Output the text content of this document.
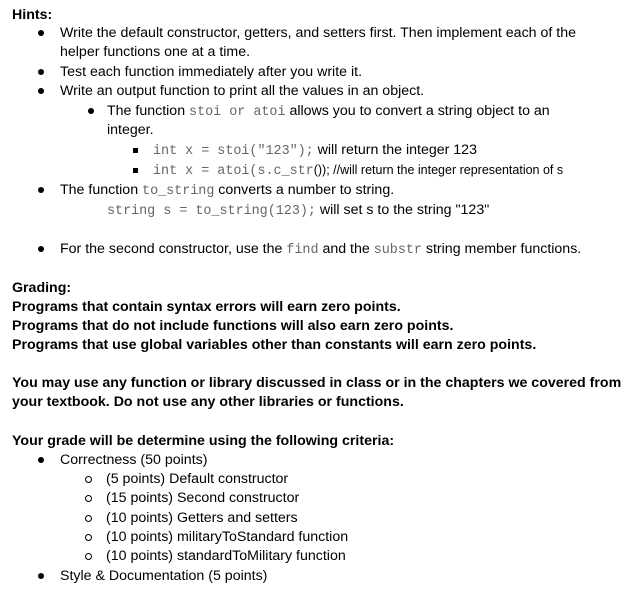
Hints:
Write the default constructor, getters, and setters first. Then implement each of the
helper functions one at a time.
Test each function immediately after you write it.
Write an output function to print all the values in an object.
The function stoi or atoi allows you to convert a string object to an
integer.
int x = stoi("123"); will return the integer 123
int x = atoi(s.c_str()); //will return the integer representation of s
The function to_string converts a number to string.
string s = to_string(123); will set s to the string "123"
For the second constructor, use the find and the substr string member functions.
Grading:
Programs that contain syntax errors will earn zero points.
Programs that do not include functions will also earn zero points.
Programs that use global variables other than constants will earn zero points.
You may use any function or library discussed in class or in the chapters we covered from
your textbook. Do not use any other libraries or functions.
Your grade will be determine using the following criteria:
Correctness (50 points)
(5 points) Default constructor
(15 points) Second constructor
(10 points) Getters and setters
(10 points) militaryToStandard function
(10 points) standardToMilitary function
Style & Documentation (5 points)
